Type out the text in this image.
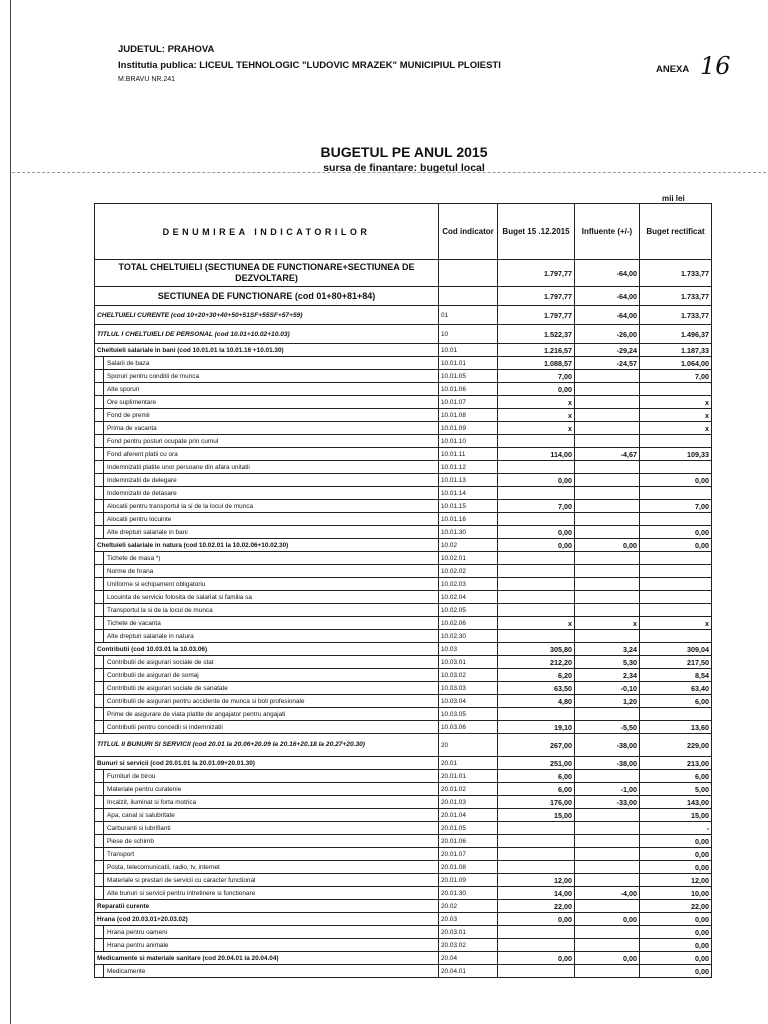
JUDETUL: PRAHOVA
Institutia publica: LICEUL TEHNOLOGIC "LUDOVIC MRAZEK" MUNICIPIUL PLOIESTI
M.BRAVU NR.241
ANEXA 16
BUGETUL PE ANUL 2015
sursa de finantare: bugetul local
mii lei
DENUMIREA INDICATORILOR	Cod indicator	Buget 15 .12.2015	Influente (+/-)	Buget rectificat
TOTAL CHELTUIELI (SECTIUNEA DE FUNCTIONARE+SECTIUNEA DE DEZVOLTARE)		1.797,77	-64,00	1.733,77
SECTIUNEA DE FUNCTIONARE (cod 01+80+81+84)		1.797,77	-64,00	1.733,77
CHELTUIELI CURENTE (cod 10+20+30+40+50+51SF+55SF+57+59)	01	1.797,77	-64,00	1.733,77
TITLUL I CHELTUIELI DE PERSONAL (cod 10.01+10.02+10.03)	10	1.522,37	-26,00	1.496,37
Cheltuieli salariale in bani (cod 10.01.01 la 10.01.16 +10.01.30)	10.01	1.216,57	-29,24	1.187,33
Salarii de baza	10.01.01	1.088,57	-24,57	1.064,00
Sporuri pentru conditii de munca	10.01.05	7,00		7,00
Alte sporuri	10.01.06	0,00		
Ore suplimentare	10.01.07	x		x
Fond de premii	10.01.08	x		x
Prima de vacanta	10.01.09	x		x
Fond pentru posturi ocupate prin cumul	10.01.10			
Fond aferent platii cu ora	10.01.11	114,00	-4,67	109,33
Indemnizatii platite unor persoane din afara unitatii	10.01.12			
Indemnizatii de delegare	10.01.13	0,00		0,00
Indemnizatii de detasare	10.01.14			
Alocatii pentru transportul la si de la locul de munca	10.01.15	7,00		7,00
Alocatii pentru locuinte	10.01.16			
Alte drepturi salariale in bani	10.01.30	0,00		0,00
Cheltuieli salariale in natura (cod 10.02.01 la 10.02.06+10.02.30)	10.02	0,00	0,00	0,00
Tichete de masa *)	10.02.01			
Norme de hrana	10.02.02			
Uniforme si echipament obligatoriu	10.02.03			
Locuinta de serviciu folosita de salariat si familia sa	10.02.04			
Transportul la si de la locul de munca	10.02.05			
Tichete de vacanta	10.02.06	x	x	x
Alte drepturi salariale in natura	10.02.30			
Contributii (cod 10.03.01 la 10.03.06)	10.03	305,80	3,24	309,04
Contributii de asigurari sociale de stat	10.03.01	212,20	5,30	217,50
Contributii de asigurari de somaj	10.03.02	6,20	2,34	8,54
Contributii de asigurari sociale de sanatate	10.03.03	63,50	-0,10	63,40
Contributii de asigurari pentru accidente de munca si boli profesionale	10.03.04	4,80	1,20	6,00
Prime de asigurare de viata platite de angajator pentru angajati	10.03.05			
Contributii pentru concedii si indemnizatii	10.03.06	19,10	-5,50	13,60
TITLUL II BUNURI SI SERVICII (cod 20.01 la 20.06+20.09 la 20.16+20.18 la 20.27+20.30)	20	267,00	-38,00	229,00
Bunuri si servicii (cod 20.01.01 la 20.01.09+20.01.30)	20.01	251,00	-38,00	213,00
Furnituri de birou	20.01.01	6,00		6,00
Materiale pentru curatenie	20.01.02	6,00	-1,00	5,00
Incalzit, iluminat si forta motrica	20.01.03	176,00	-33,00	143,00
Apa, canal si salubritate	20.01.04	15,00		15,00
Carburanti si lubrifianti	20.01.05			-
Piese de schimb	20.01.06			0,00
Transport	20.01.07			0,00
Posta, telecomunicatii, radio, tv, internet	20.01.08			0,00
Materiale si prestari de servicii cu caracter functional	20.01.09	12,00		12,00
Alte bunuri si servicii pentru intretinere si functionare	20.01.30	14,00	-4,00	10,00
Reparatii curente	20.02	22,00		22,00
Hrana (cod 20.03.01+20.03.02)	20.03	0,00	0,00	0,00
Hrana pentru oameni	20.03.01			0,00
Hrana pentru animale	20.03.02			0,00
Medicamente si materiale sanitare (cod 20.04.01 la 20.04.04)	20.04	0,00	0,00	0,00
Medicamente	20.04.01			0,00
